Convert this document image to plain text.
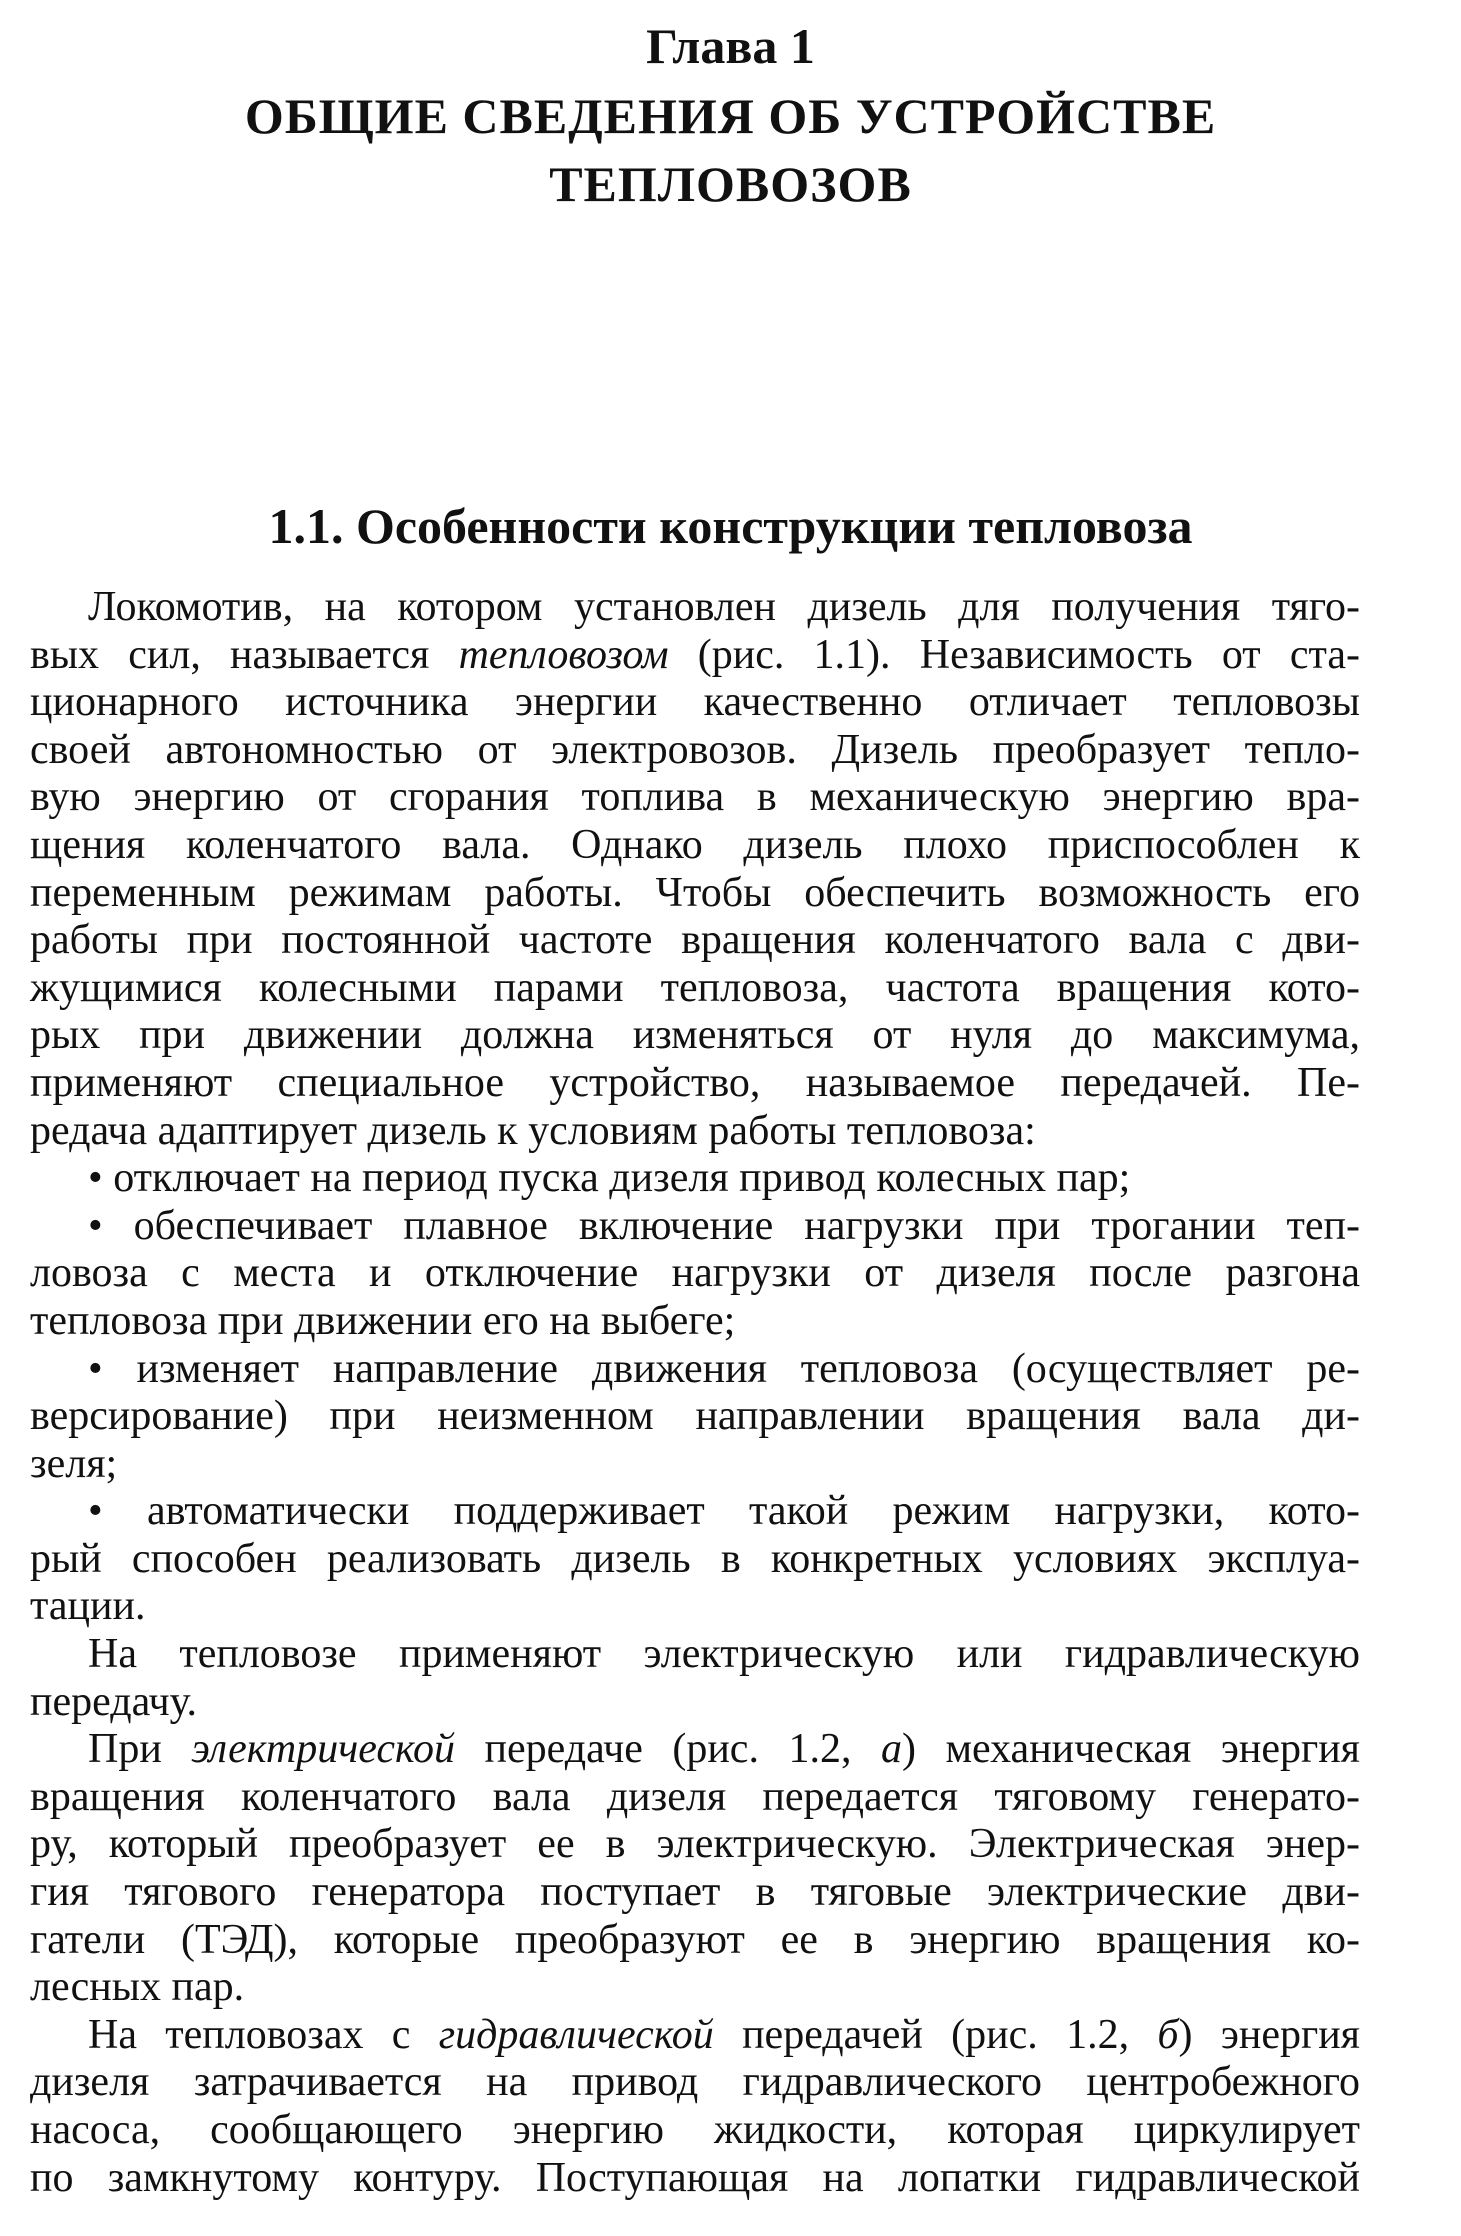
Глава 1
ОБЩИЕ СВЕДЕНИЯ ОБ УСТРОЙСТВЕ
ТЕПЛОВОЗОВ
1.1. Особенности конструкции тепловоза
Локомотив, на котором установлен дизель для получения тяго-
вых сил, называется тепловозом (рис. 1.1). Независимость от ста-
ционарного источника энергии качественно отличает тепловозы
своей автономностью от электровозов. Дизель преобразует тепло-
вую энергию от сгорания топлива в механическую энергию вра-
щения коленчатого вала. Однако дизель плохо приспособлен к
переменным режимам работы. Чтобы обеспечить возможность его
работы при постоянной частоте вращения коленчатого вала с дви-
жущимися колесными парами тепловоза, частота вращения кото-
рых при движении должна изменяться от нуля до максимума,
применяют специальное устройство, называемое передачей. Пе-
редача адаптирует дизель к условиям работы тепловоза:
• отключает на период пуска дизеля привод колесных пар;
• обеспечивает плавное включение нагрузки при трогании теп-
ловоза с места и отключение нагрузки от дизеля после разгона
тепловоза при движении его на выбеге;
• изменяет направление движения тепловоза (осуществляет ре-
версирование) при неизменном направлении вращения вала ди-
зеля;
• автоматически поддерживает такой режим нагрузки, кото-
рый способен реализовать дизель в конкретных условиях эксплуа-
тации.
На тепловозе применяют электрическую или гидравлическую
передачу.
При электрической передаче (рис. 1.2, а) механическая энергия
вращения коленчатого вала дизеля передается тяговому генерато-
ру, который преобразует ее в электрическую. Электрическая энер-
гия тягового генератора поступает в тяговые электрические дви-
гатели (ТЭД), которые преобразуют ее в энергию вращения ко-
лесных пар.
На тепловозах с гидравлической передачей (рис. 1.2, б) энергия
дизеля затрачивается на привод гидравлического центробежного
насоса, сообщающего энергию жидкости, которая циркулирует
по замкнутому контуру. Поступающая на лопатки гидравлической
